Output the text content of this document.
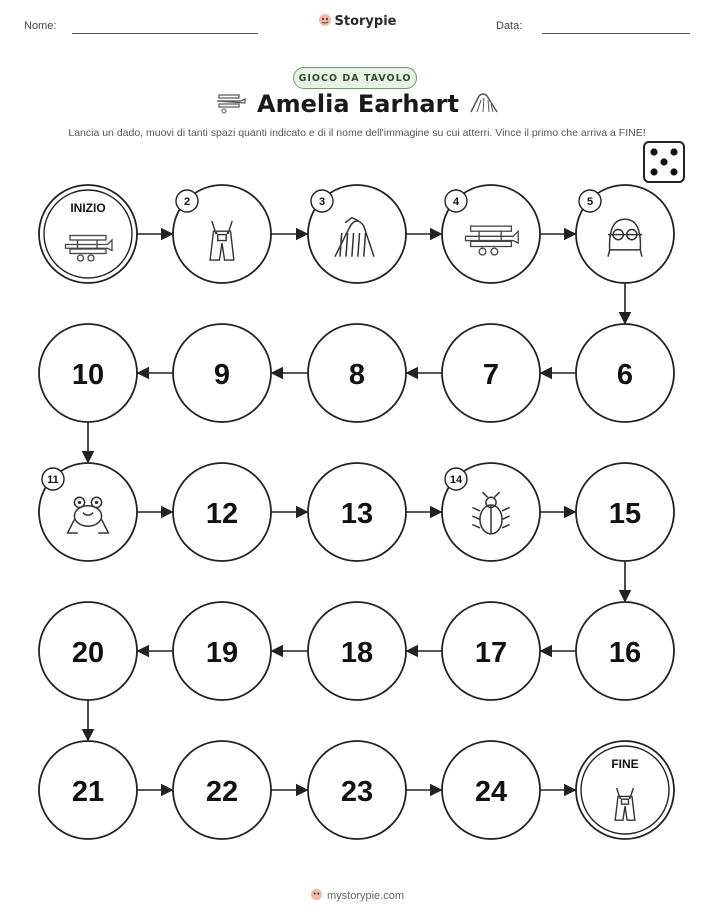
Nome:	Storypie	Data:
GIOCO DA TAVOLO
Amelia Earhart
Lancia un dado, muovi di tanti spazi quanti indicato e di il nome dell'immagine su cui atterri. Vince il primo che arriva a FINE!
INIZIO	2	3	4	5
6
7
8
9
10
11
12	13
14
15
16
17
18
19
20
21	22	23	24
FINE
mystorypie.com
